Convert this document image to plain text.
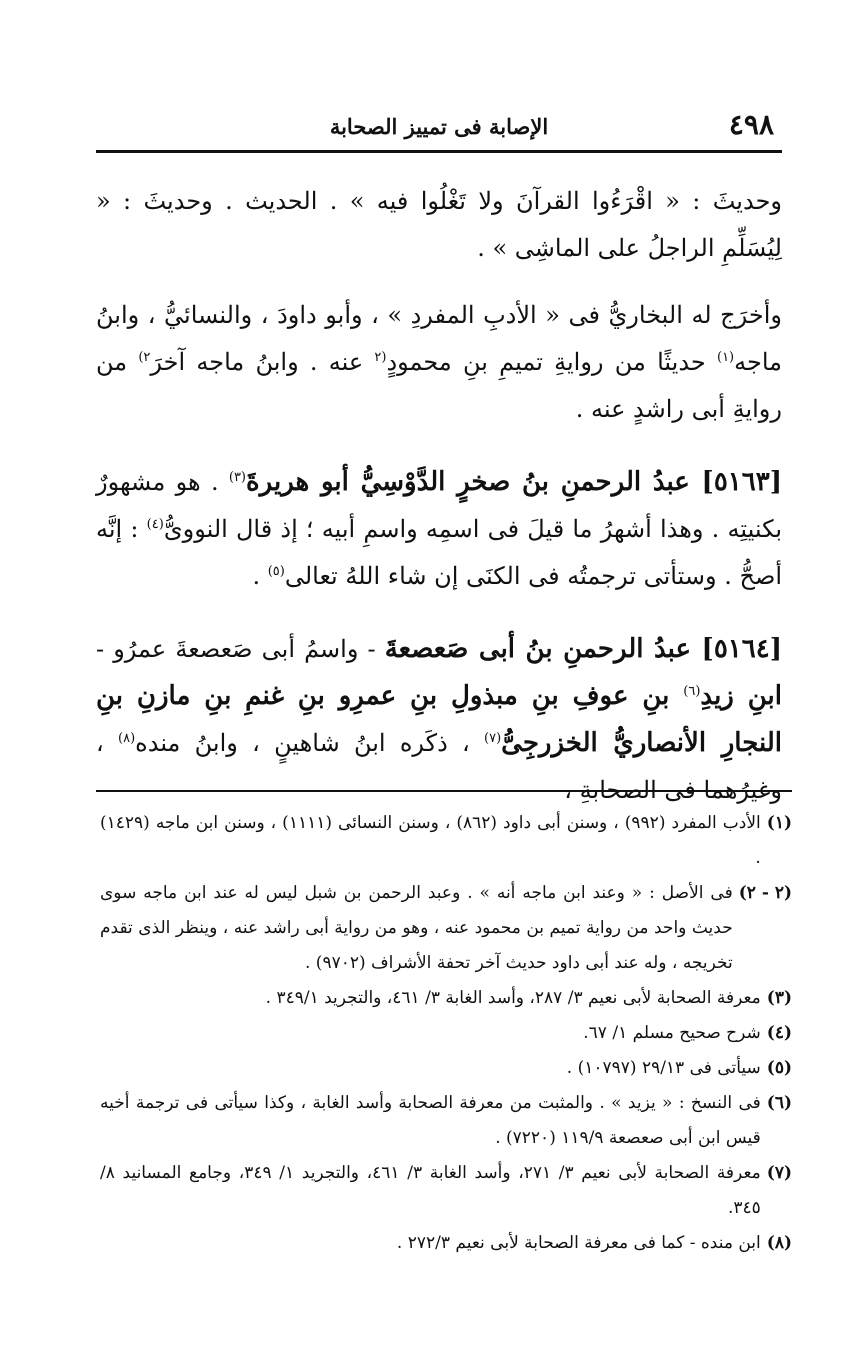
٤٩٨
الإصابة فى تمييز الصحابة

وحديثَ : « اقْرَءُوا القرآنَ ولا تَغْلُوا فيه » . الحديث . وحديثَ : « لِيُسَلِّمِ الراجلُ على الماشِى » .

وأخرَج له البخاريُّ فى « الأدبِ المفردِ » ، وأبو داودَ ، والنسائيُّ ، وابنُ ماجه$^{(١)}$ حديثًا من روايةِ تميمِ بنِ محمودٍ$^{(٢}$ عنه . وابنُ ماجه آخرَ$^{٢)}$ من روايةِ أبى راشدٍ عنه .

[٥١٦٣] عبدُ الرحمنِ بنُ صخرٍ الدَّوْسِيُّ أبو هريرةَ$^{(٣)}$ . هو مشهورٌ بكنيتِه . وهذا أشهرُ ما قيلَ فى اسمِه واسمِ أبيه ؛ إذ قال النووىُّ$^{(٤)}$ : إنَّه أصحُّ . وستأتى ترجمتُه فى الكنَى إن شاء اللهُ تعالى$^{(٥)}$ .

[٥١٦٤] عبدُ الرحمنِ بنُ أبى صَعصعةَ - واسمُ أبى صَعصعةَ عمرُو - ابنِ زيدِ$^{(٦)}$ بنِ عوفِ بنِ مبذولِ بنِ عمرِو بنِ غنمِ بنِ مازنِ بنِ النجارِ الأنصاريُّ الخزرجِىُّ$^{(٧)}$ ، ذكَره ابنُ شاهينٍ ، وابنُ منده$^{(٨)}$ ، وغيرُهما فى الصحابةِ ،

(١)
الأدب المفرد (٩٩٢) ، وسنن أبى داود (٨٦٢) ، وسنن النسائى (١١١١) ، وسنن ابن ماجه (١٤٢٩) .
(٢ - ٢)
فى الأصل : « وعند ابن ماجه أنه » . وعبد الرحمن بن شبل ليس له عند ابن ماجه سوى حديث واحد من رواية تميم بن محمود عنه ، وهو من رواية أبى راشد عنه ، وينظر الذى تقدم تخريجه ، وله عند أبى داود حديث آخر تحفة الأشراف (٩٧٠٢) .
(٣)
معرفة الصحابة لأبى نعيم ٣/ ٢٨٧، وأسد الغابة ٣/ ٤٦١، والتجريد ٣٤٩/١ .
(٤)
شرح صحيح مسلم ١/ ٦٧.
(٥)
سيأتى فى ٢٩/١٣ (١٠٧٩٧) .
(٦)
فى النسخ : « يزيد » . والمثبت من معرفة الصحابة وأسد الغابة ، وكذا سيأتى فى ترجمة أخيه قيس ابن أبى صعصعة ١١٩/٩ (٧٢٢٠) .
(٧)
معرفة الصحابة لأبى نعيم ٣/ ٢٧١، وأسد الغابة ٣/ ٤٦١، والتجريد ١/ ٣٤٩، وجامع المسانيد ٨/ ٣٤٥.
(٨)
ابن منده - كما فى معرفة الصحابة لأبى نعيم ٢٧٢/٣ .
